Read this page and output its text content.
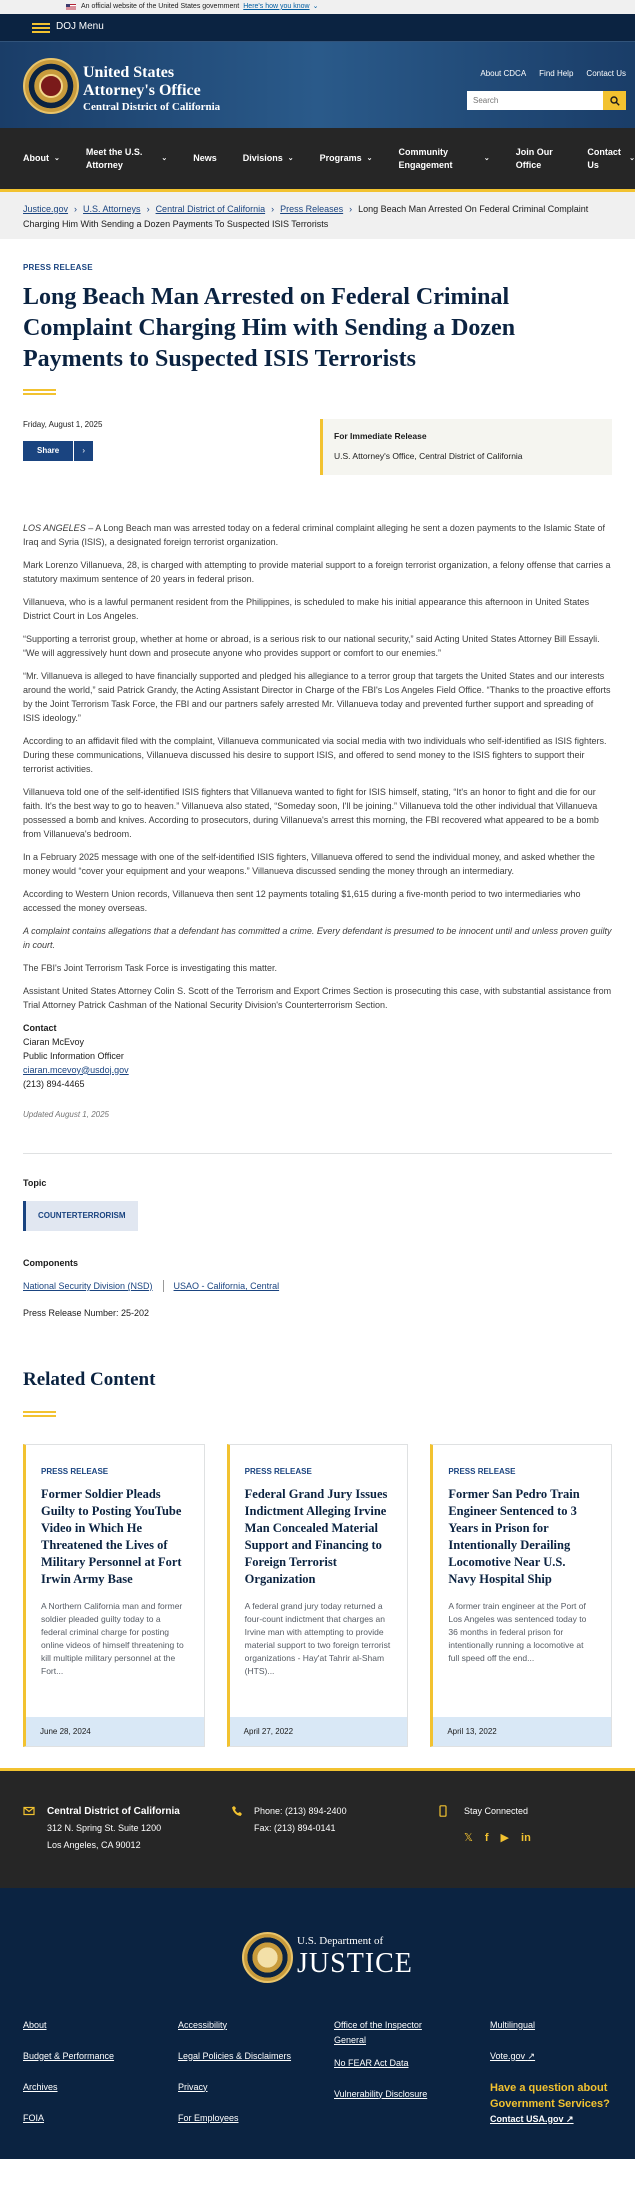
An official website of the United States government Here's how you know ⌄
DOJ Menu
United States
Attorney's Office
Central District of California
About CDCA Find Help Contact Us
Search
About ⌄
Meet the U.S. Attorney
⌄	News	Divisions ⌄	Programs ⌄
Community Engagement
⌄
Join Our Office
Contact Us
⌄
Justice.gov › U.S. Attorneys › Central District of California › Press Releases › Long Beach Man Arrested On Federal Criminal Complaint Charging Him With Sending a Dozen Payments To Suspected ISIS Terrorists
PRESS RELEASE
Long Beach Man Arrested on Federal Criminal Complaint Charging Him with Sending a Dozen Payments to Suspected ISIS Terrorists
Friday, August 1, 2025
Share	›
For Immediate Release
U.S. Attorney's Office, Central District of California

LOS ANGELES – A Long Beach man was arrested today on a federal criminal complaint alleging he sent a dozen payments to the Islamic State of Iraq and Syria (ISIS), a designated foreign terrorist organization.

Mark Lorenzo Villanueva, 28, is charged with attempting to provide material support to a foreign terrorist organization, a felony offense that carries a statutory maximum sentence of 20 years in federal prison.

Villanueva, who is a lawful permanent resident from the Philippines, is scheduled to make his initial appearance this afternoon in United States District Court in Los Angeles.

“Supporting a terrorist group, whether at home or abroad, is a serious risk to our national security,” said Acting United States Attorney Bill Essayli. “We will aggressively hunt down and prosecute anyone who provides support or comfort to our enemies.”

“Mr. Villanueva is alleged to have financially supported and pledged his allegiance to a terror group that targets the United States and our interests around the world,” said Patrick Grandy, the Acting Assistant Director in Charge of the FBI's Los Angeles Field Office. “Thanks to the proactive efforts by the Joint Terrorism Task Force, the FBI and our partners safely arrested Mr. Villanueva today and prevented further support and spreading of ISIS ideology.”

According to an affidavit filed with the complaint, Villanueva communicated via social media with two individuals who self-identified as ISIS fighters. During these communications, Villanueva discussed his desire to support ISIS, and offered to send money to the ISIS fighters to support their terrorist activities.

Villanueva told one of the self-identified ISIS fighters that Villanueva wanted to fight for ISIS himself, stating, “It's an honor to fight and die for our faith. It's the best way to go to heaven.” Villanueva also stated, “Someday soon, I'll be joining.” Villanueva told the other individual that Villanueva possessed a bomb and knives. According to prosecutors, during Villanueva's arrest this morning, the FBI recovered what appeared to be a bomb from Villanueva's bedroom.

In a February 2025 message with one of the self-identified ISIS fighters, Villanueva offered to send the individual money, and asked whether the money would “cover your equipment and your weapons.” Villanueva discussed sending the money through an intermediary.

According to Western Union records, Villanueva then sent 12 payments totaling $1,615 during a five-month period to two intermediaries who accessed the money overseas.

A complaint contains allegations that a defendant has committed a crime. Every defendant is presumed to be innocent until and unless proven guilty in court.

The FBI's Joint Terrorism Task Force is investigating this matter.

Assistant United States Attorney Colin S. Scott of the Terrorism and Export Crimes Section is prosecuting this case, with substantial assistance from Trial Attorney Patrick Cashman of the National Security Division's Counterterrorism Section.

Contact
Ciaran McEvoy
Public Information Officer
ciaran.mcevoy@usdoj.gov
(213) 894-4465
Updated August 1, 2025
Topic
COUNTERTERRORISM
Components
National Security Division (NSD) USAO - California, Central
Press Release Number: 25-202
Related Content
PRESS RELEASE
Former Soldier Pleads Guilty to Posting YouTube Video in Which He Threatened the Lives of Military Personnel at Fort Irwin Army Base
A Northern California man and former soldier pleaded guilty today to a federal criminal charge for posting online videos of himself threatening to kill multiple military personnel at the Fort...
June 28, 2024
PRESS RELEASE
Federal Grand Jury Issues Indictment Alleging Irvine Man Concealed Material Support and Financing to Foreign Terrorist Organization
A federal grand jury today returned a four-count indictment that charges an Irvine man with attempting to provide material support to two foreign terrorist organizations - Hay'at Tahrir al-Sham (HTS)...
April 27, 2022
PRESS RELEASE
Former San Pedro Train Engineer Sentenced to 3 Years in Prison for Intentionally Derailing Locomotive Near U.S. Navy Hospital Ship
A former train engineer at the Port of Los Angeles was sentenced today to 36 months in federal prison for intentionally running a locomotive at full speed off the end...
April 13, 2022
Central District of California
312 N. Spring St. Suite 1200
Los Angeles, CA 90012
Phone: (213) 894-2400
Fax: (213) 894-0141
Stay Connected
𝕏 f ▶ in
U.S. Department of
JUSTICE
About
Budget & Performance
Archives
FOIA
Accessibility
Legal Policies & Disclaimers
Privacy
For Employees
Office of the Inspector General
No FEAR Act Data
Vulnerability Disclosure
Multilingual
Vote.gov ↗
Have a question about Government Services?
Contact USA.gov ↗
